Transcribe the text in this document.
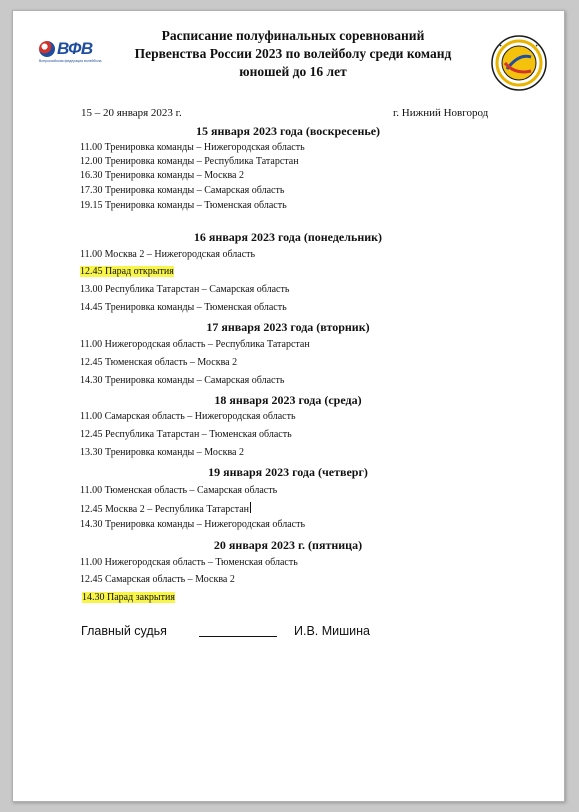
ВФВ
Всероссийская федерация волейбола
Расписание полуфинальных соревнований
Первенства России 2023 по волейболу среди команд
юношей до 16 лет
✦	✦
15 – 20 января 2023 г.	г. Нижний Новгород
15 января 2023 года (воскресенье)
11.00 Тренировка команды – Нижегородская область
12.00 Тренировка команды – Республика Татарстан
16.30 Тренировка команды – Москва 2
17.30 Тренировка команды – Самарская область
19.15 Тренировка команды – Тюменская область
16 января 2023 года (понедельник)
11.00 Москва 2 – Нижегородская область
12.45 Парад открытия
13.00 Республика Татарстан – Самарская область
14.45 Тренировка команды – Тюменская область
17 января 2023 года (вторник)
11.00 Нижегородская область – Республика Татарстан
12.45 Тюменская область – Москва 2
14.30 Тренировка команды – Самарская область
18 января 2023 года (среда)
11.00 Самарская область – Нижегородская область
12.45 Республика Татарстан – Тюменская область
13.30 Тренировка команды – Москва 2
19 января 2023 года (четверг)
11.00 Тюменская область – Самарская область
12.45 Москва 2 – Республика Татарстан
14.30 Тренировка команды – Нижегородская область
20 января 2023 г. (пятница)
11.00 Нижегородская область – Тюменская область
12.45 Самарская область – Москва 2
14.30 Парад закрытия
Главный судья	И.В. Мишина
